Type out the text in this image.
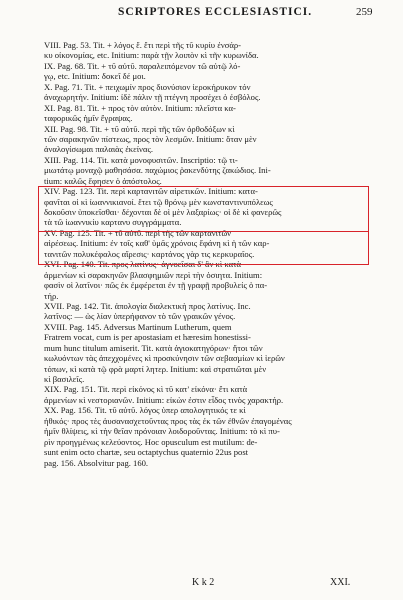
SCRIPTORES ECCLESIASTICI.	259
VIII. Pag. 53. Tit. + λόγος ἕ. ἔτι περὶ τῆς τῦ κυρίυ ἐνσάρ-
κυ οἰκονομίας, etc. Initium: παρὰ τῇν λοιπὸν κὶ τῆν κυρωνίδα.
IX. Pag. 68. Tit. + τῦ αὐτῦ. παραλειπόμενον τῶ αὐτῷ λό-
γῳ, etc. Initium: δοκεῖ δέ μοι.
X. Pag. 71. Tit. + πειχωμίν προς διονύσιον ἰεροκήρυκον τόν
ἀναχωρητήν. Initium: ἰδὲ πάλιν τῇ πτέγνη προσέχει ὁ ἐσβόλος.
XI. Pag. 81. Tit. + προς τὸν αὐτὸν. Initium: πλεῖστα κα-
ταφορικῶς ἡμῖν ἔγραψας.
XII. Pag. 98. Tit. + τῦ αὐτῦ. περὶ τῆς τῶν ὀρθοδόξων κὶ
τῶν σαρακηνῶν πίστεως, προς τὸν λεσμῶν. Initium: ὅταν μὲν
ἀναλογίσωμαι παλαιὰς ἐκείνας.
XIII. Pag. 114. Tit. κατὰ μονοφυσιτῶν. Inscriptio: τῷ τι-
μιωτάτῳ μοναχῷ μαθησάσα. παχώμιος ῥακενδύτης ζακώδιος. Ini-
tium: καλῶς ἔφησεν ὁ ἀπόστολος.
XIV. Pag. 123. Tit. περὶ καρτανιτῶν αἱρετικῶν. Initium: κατα-
φανῖται οἱ κὶ ἰωαννικιανοί. ἔτει τῷ θρόνῳ μὲν κωνσταντινυπόλεως
δοκοῦσιν ὑποκεῖσθαι· δέχονται δὲ οἱ μὲν λαξαρίως· οἱ δὲ κὶ φανερῶς
τὰ τῶ ἰωαννικίυ καρτανυ συγγράμματα.
XV. Pag. 125. Tit. + τῦ αὐτῦ. περὶ τῆς τῶν καρτανιτῶν
αἱρέσεως. Initium: ἐν τοῖς καθ' ὑμᾶς χρόνοις ἔφάνη κὶ ἡ τῶν καρ-
τανιτῶν πολυκέφαλος αἵρεσις· καρτάνος γὰρ τις κερκυραῖος.
XVI. Pag. 140. Tit. προς λατίνυς· ἀγνοεῖσαι δ' ἂν κὶ κατὰ
ἀρμενίων κὶ σαρακηνῶν βλασφημιῶν περὶ τὴν ὁσιητα. Initium:
φασὶν οἱ λατῖνοι· πῶς ἐκ ἐμφέρεται ἐν τῇ γραφῇ προβυλείς ὁ πα-
τήρ.
XVII. Pag. 142. Tit. ἀπολογία διαλεκτικὴ προς λατίνυς. Inc.
λατῖνος: — ὡς λίαν ὑπερήφανον τὸ τῶν γραικῶν γένος.
XVIII. Pag. 145. Adversus Martinum Lutherum, quem
Fratrem vocat, cum is per apostasiam et hæresim honestissi-
mum hunc titulum amiserit. Tit. κατὰ ἀγιοκατηγόρων· ἤτοι τῶν
κωλυόντων τὰς ἀπεχχομένες κὶ προσκύνησιν τῶν σεβασμίων κὶ ἱερῶν
τόπων, κὶ κατὰ τῷ φρὰ μαρτί λητερ. Initium: καὶ στρατιῶται μὲν
κὶ βασιλεῖς.
XIX. Pag. 151. Tit. περὶ εἰκόνος κὶ τῦ κατ' εἰκόνα· ἔτι κατὰ
ἀρμενίων κὶ νεστοριανῶν. Initium: εἰκὼν ἐστιν εἶδος τινὸς χαρακτήρ.
XX. Pag. 156. Tit. τῦ αὐτῦ. λόγος ὑπερ απολογητικός τε κὶ
ἠθικός· προς τὲς ἀυσανασχετοῦντας προς τὰς ἐκ τῶν ἐθνῶν ἐπαγομένας
ἡμῖν θλίψεις, κὶ τὴν θεῖαν πρόνοιαν λοιδοροῦντας. Initium: τὸ κὶ πυ-
ρὶν προηγμένως κελεύοντος. Hoc opusculum est mutilum: de-
sunt enim octo chartæ, seu octaptychus quaternio 22us post
pag. 156. Absolvitur pag. 160.
K k 2	XXI.
